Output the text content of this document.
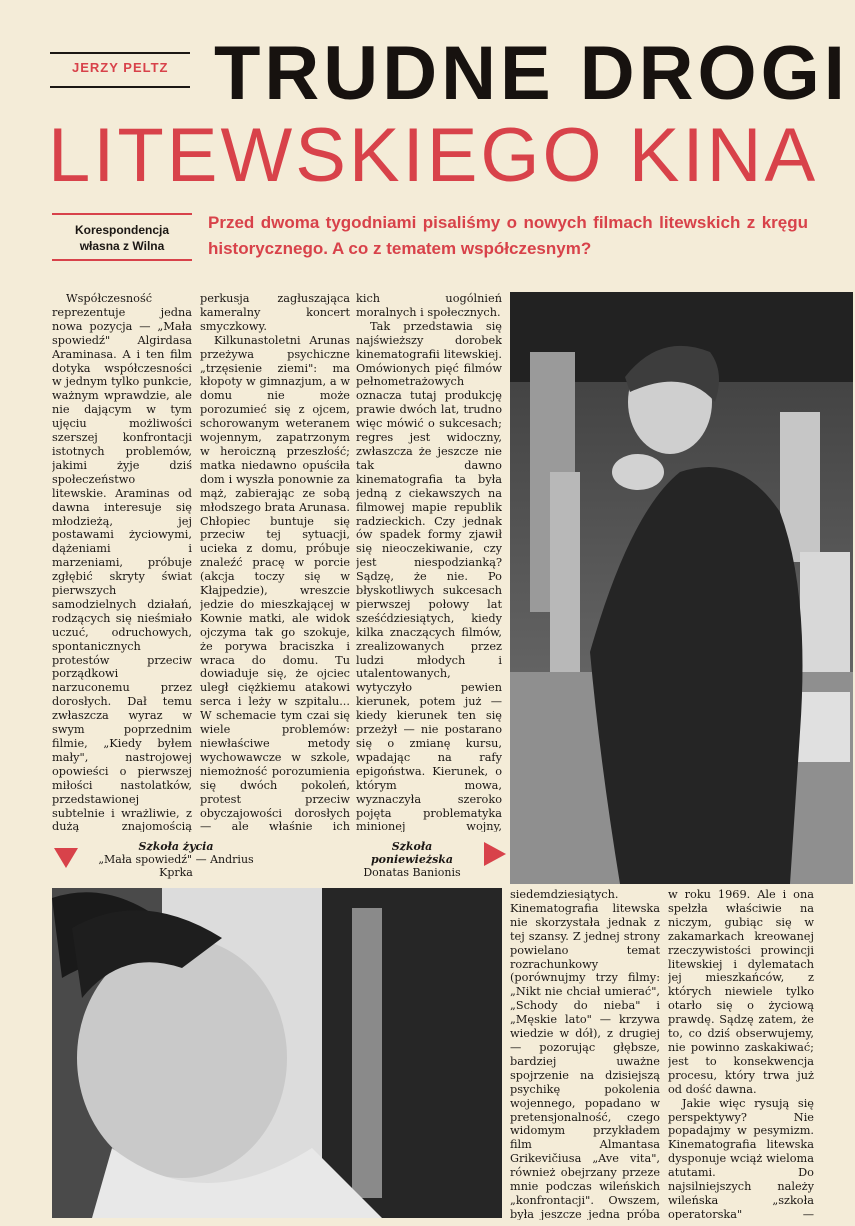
JERZY PELTZ TRUDNE DROGI
LITEWSKIEGO KINA
Korespondencja
własna z Wilna
Przed dwoma tygodniami pisaliśmy o nowych filmach litewskich z kręgu historycznego. A co z tematem współczesnym?

Współczesność reprezentuje jedna nowa pozycja — „Mała spowiedź" Algirdasa Araminasa. A i ten film dotyka współczesności w jednym tylko punkcie, ważnym wprawdzie, ale nie dającym w tym ujęciu możliwości szerszej konfrontacji istotnych problemów, jakimi żyje dziś społeczeństwo litewskie. Araminas od dawna interesuje się młodzieżą, jej postawami życiowymi, dążeniami i marzeniami, próbuje zgłębić skryty świat pierwszych samodzielnych działań, rodzących się nieśmiało uczuć, odruchowych, spontanicznych protestów przeciw porządkowi narzuconemu przez dorosłych. Dał temu zwłaszcza wyraz w swym poprzednim filmie, „Kiedy byłem mały", nastrojowej opowieści o pierwszej miłości nastolatków, przedstawionej subtelnie i wrażliwie, z dużą znajomością

perkusja zagłuszająca kameralny koncert smyczkowy.

Kilkunastoletni Arunas przeżywa psychiczne „trzęsienie ziemi": ma kłopoty w gimnazjum, a w domu nie może porozumieć się z ojcem, schorowanym weteranem wojennym, zapatrzonym w heroiczną przeszłość; matka niedawno opuściła dom i wyszła ponownie za mąż, zabierając ze sobą młodszego brata Arunasa. Chłopiec buntuje się przeciw tej sytuacji, ucieka z domu, próbuje znaleźć pracę w porcie (akcja toczy się w Kłajpedzie), wreszcie jedzie do mieszkającej w Kownie matki, ale widok ojczyma tak go szokuje, że porywa braciszka i wraca do domu. Tu dowiaduje się, że ojciec uległ ciężkiemu atakowi serca i leży w szpitalu... W schemacie tym czai się wiele problemów: niewłaściwe metody wychowawcze w szkole, niemożność porozumienia się dwóch pokoleń, protest przeciw obyczajowości dorosłych — ale właśnie ich

kich uogólnień moralnych i społecznych.

Tak przedstawia się najświeższy dorobek kinematografii litewskiej. Omówionych pięć filmów pełnometrażowych oznacza tutaj produkcję prawie dwóch lat, trudno więc mówić o sukcesach; regres jest widoczny, zwłaszcza że jeszcze nie tak dawno kinematografia ta była jedną z ciekawszych na filmowej mapie republik radzieckich. Czy jednak ów spadek formy zjawił się nieoczekiwanie, czy jest niespodzianką? Sądzę, że nie. Po błyskotliwych sukcesach pierwszej połowy lat sześćdziesiątych, kiedy kilka znaczących filmów, zrealizowanych przez ludzi młodych i utalentowanych, wytyczyło pewien kierunek, potem już — kiedy kierunek ten się przeżył — nie postarano się o zmianę kursu, wpadając na rafy epigoństwa. Kierunek, o którym mowa, wyznaczyła szeroko pojęta problematyka minionej wojny,

Szkoła życia
„Mała spowiedź" — Andrius Kprka
Szkoła poniewieżska
Donatas Banionis

siedemdziesiątych. Kinematografia litewska nie skorzystała jednak z tej szansy. Z jednej strony powielano temat rozrachunkowy (porównujmy trzy filmy: „Nikt nie chciał umierać", „Schody do nieba" i „Męskie lato" — krzywa wiedzie w dół), z drugiej — pozorując głębsze, bardziej uważne spojrzenie na dzisiejszą psychikę pokolenia wojennego, popadano w pretensjonalność, czego widomym przykładem film Almantasa Grikevičiusa „Ave vita", również obejrzany przeze mnie podczas wileńskich „konfrontacji". Owszem, była jeszcze jedna próba

w roku 1969. Ale i ona spełzła właściwie na niczym, gubiąc się w zakamarkach kreowanej rzeczywistości prowincji litewskiej i dylematach jej mieszkańców, z których niewiele tylko otarło się o życiową prawdę. Sądzę zatem, że to, co dziś obserwujemy, nie powinno zaskakiwać; jest to konsekwencja procesu, który trwa już od dość dawna.

Jakie więc rysują się perspektywy? Nie popadajmy w pesymizm. Kinematografia litewska dysponuje wciąż wieloma atutami. Do najsilniejszych należy wileńska „szkoła operatorska" —
